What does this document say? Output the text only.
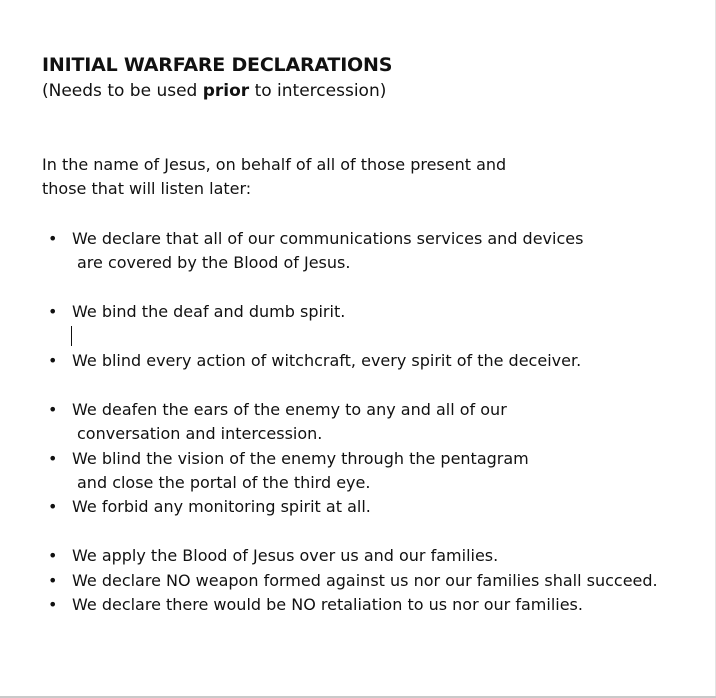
INITIAL WARFARE DECLARATIONS
(Needs to be used prior to intercession)
In the name of Jesus, on behalf of all of those present and
those that will listen later:
• We declare that all of our communications services and devices
are covered by the Blood of Jesus.
• We bind the deaf and dumb spirit.
• We blind every action of witchcraft, every spirit of the deceiver.
• We deafen the ears of the enemy to any and all of our
conversation and intercession.
• We blind the vision of the enemy through the pentagram
and close the portal of the third eye.
• We forbid any monitoring spirit at all.
• We apply the Blood of Jesus over us and our families.
• We declare NO weapon formed against us nor our families shall succeed.
• We declare there would be NO retaliation to us nor our families.
